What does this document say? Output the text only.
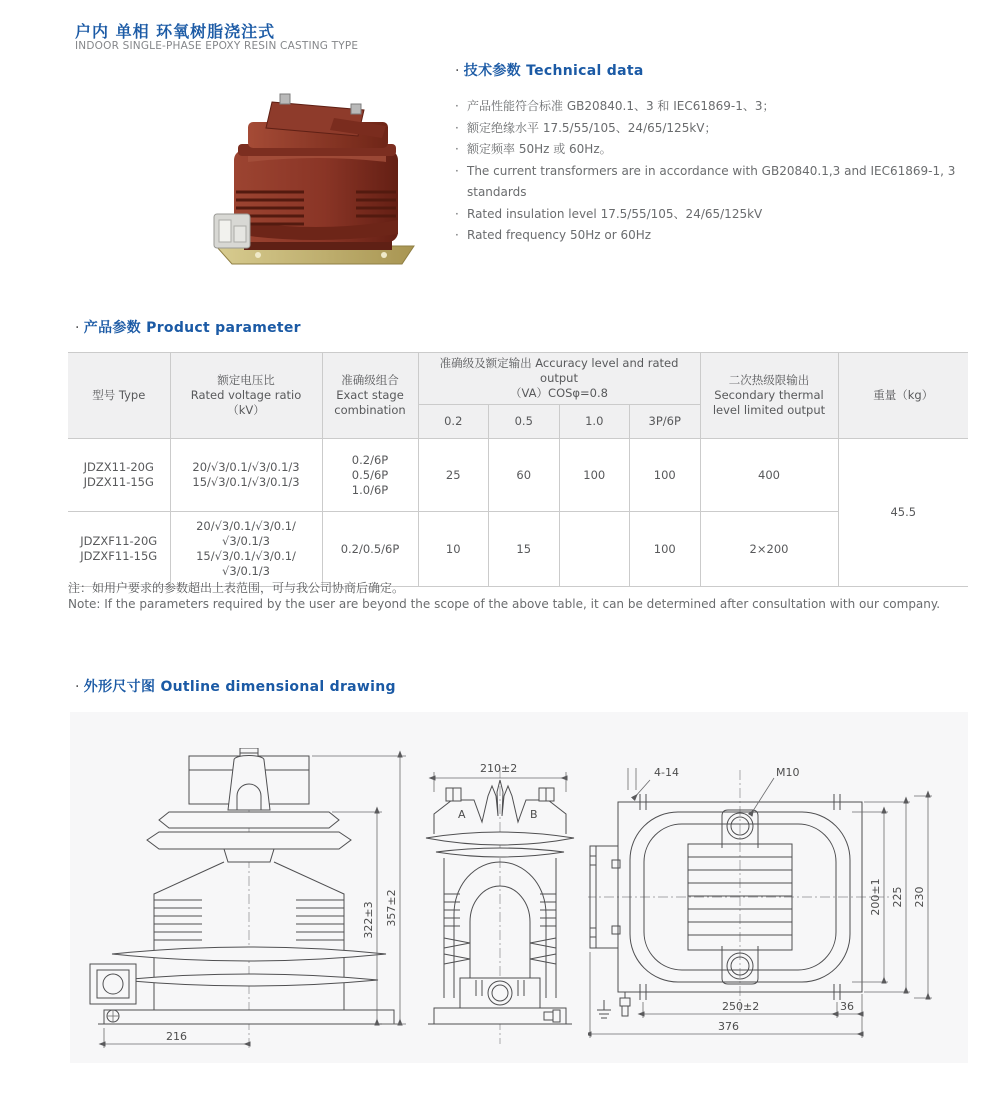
户内 单相 环氧树脂浇注式
INDOOR SINGLE-PHASE EPOXY RESIN CASTING TYPE
· 技术参数 Technical data
· 产品性能符合标准 GB20840.1、3 和 IEC61869-1、3；
· 额定绝缘水平 17.5/55/105、24/65/125kV；
· 额定频率 50Hz 或 60Hz。
· The current transformers are in accordance with GB20840.1,3 and IEC61869-1, 3 standards
· Rated insulation level 17.5/55/105、24/65/125kV
· Rated frequency 50Hz or 60Hz
· 产品参数 Product parameter
型号 Type	额定电压比
Rated voltage ratio
（kV）	准确级组合
Exact stage combination	准确级及额定输出 Accuracy level and rated output
（VA）COSφ=0.8				二次热级限输出
Secondary thermal level limited output	重量（kg）
			0.2	0.5	1.0	3P/6P		
JDZX11-20G
JDZX11-15G	20/√3/0.1/√3/0.1/3
15/√3/0.1/√3/0.1/3	0.2/6P
0.5/6P
1.0/6P	25	60	100	100	400	45.5
JDZXF11-20G
JDZXF11-15G	20/√3/0.1/√3/0.1/√3/0.1/3
15/√3/0.1/√3/0.1/√3/0.1/3	0.2/0.5/6P	10	15		100	2×200	
注：如用户要求的参数超出上表范围，可与我公司协商后确定。
Note: If the parameters required by the user are beyond the scope of the above table, it can be determined after consultation with our company.
· 外形尺寸图 Outline dimensional drawing
216
322±3 357±2
210±2
A	B
4-14	M10
200±1 225 230
250±2	36
376
